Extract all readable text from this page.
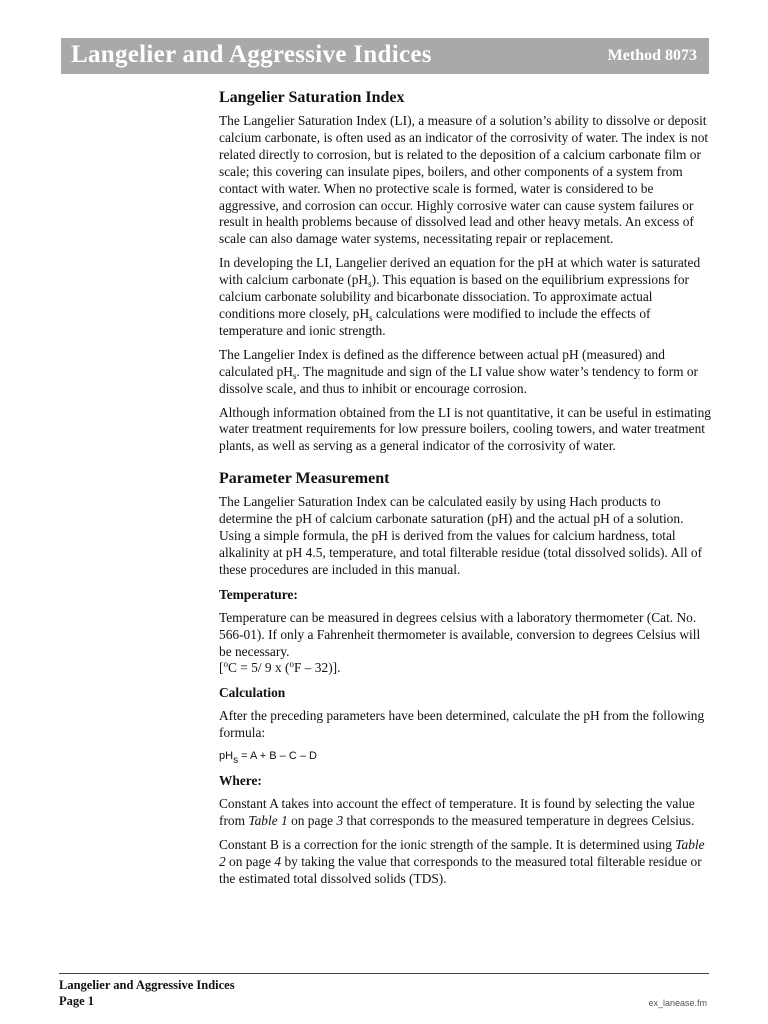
Langelier and Aggressive Indices	Method 8073
Langelier Saturation Index

The Langelier Saturation Index (LI), a measure of a solution’s ability to dissolve or deposit calcium carbonate, is often used as an indicator of the corrosivity of water. The index is not related directly to corrosion, but is related to the deposition of a calcium carbonate film or scale; this covering can insulate pipes, boilers, and other components of a system from contact with water. When no protective scale is formed, water is considered to be aggressive, and corrosion can occur. Highly corrosive water can cause system failures or result in health problems because of dissolved lead and other heavy metals. An excess of scale can also damage water systems, necessitating repair or replacement.

In developing the LI, Langelier derived an equation for the pH at which water is saturated with calcium carbonate $(pH_s)$. This equation is based on the equilibrium expressions for calcium carbonate solubility and bicarbonate dissociation. To approximate actual conditions more closely, $pH_s$ calculations were modified to include the effects of temperature and ionic strength.

The Langelier Index is defined as the difference between actual pH (measured) and calculated $pH_s$. The magnitude and sign of the LI value show water’s tendency to form or dissolve scale, and thus to inhibit or encourage corrosion.

Although information obtained from the LI is not quantitative, it can be useful in estimating water treatment requirements for low pressure boilers, cooling towers, and water treatment plants, as well as serving as a general indicator of the corrosivity of water.

Parameter Measurement

The Langelier Saturation Index can be calculated easily by using Hach products to determine the pH of calcium carbonate saturation (pH) and the actual pH of a solution. Using a simple formula, the pH is derived from the values for calcium hardness, total alkalinity at pH 4.5, temperature, and total filterable residue (total dissolved solids). All of these procedures are included in this manual.

Temperature:

Temperature can be measured in degrees celsius with a laboratory thermometer (Cat. No. 566-01). If only a Fahrenheit thermometer is available, conversion to degrees Celsius will be necessary.
[$^o$C = 5/ 9 x ($^o$F – 32)].

Calculation

After the preceding parameters have been determined, calculate the pH from the following formula:

$pH_s = A + B - C - D$
Where:

Constant A takes into account the effect of temperature. It is found by selecting the value from Table 1 on page 3 that corresponds to the measured temperature in degrees Celsius.

Constant B is a correction for the ionic strength of the sample. It is determined using Table 2 on page 4 by taking the value that corresponds to the measured total filterable residue or the estimated total dissolved solids (TDS).

Langelier and Aggressive Indices
Page 1	ex_lanease.fm
